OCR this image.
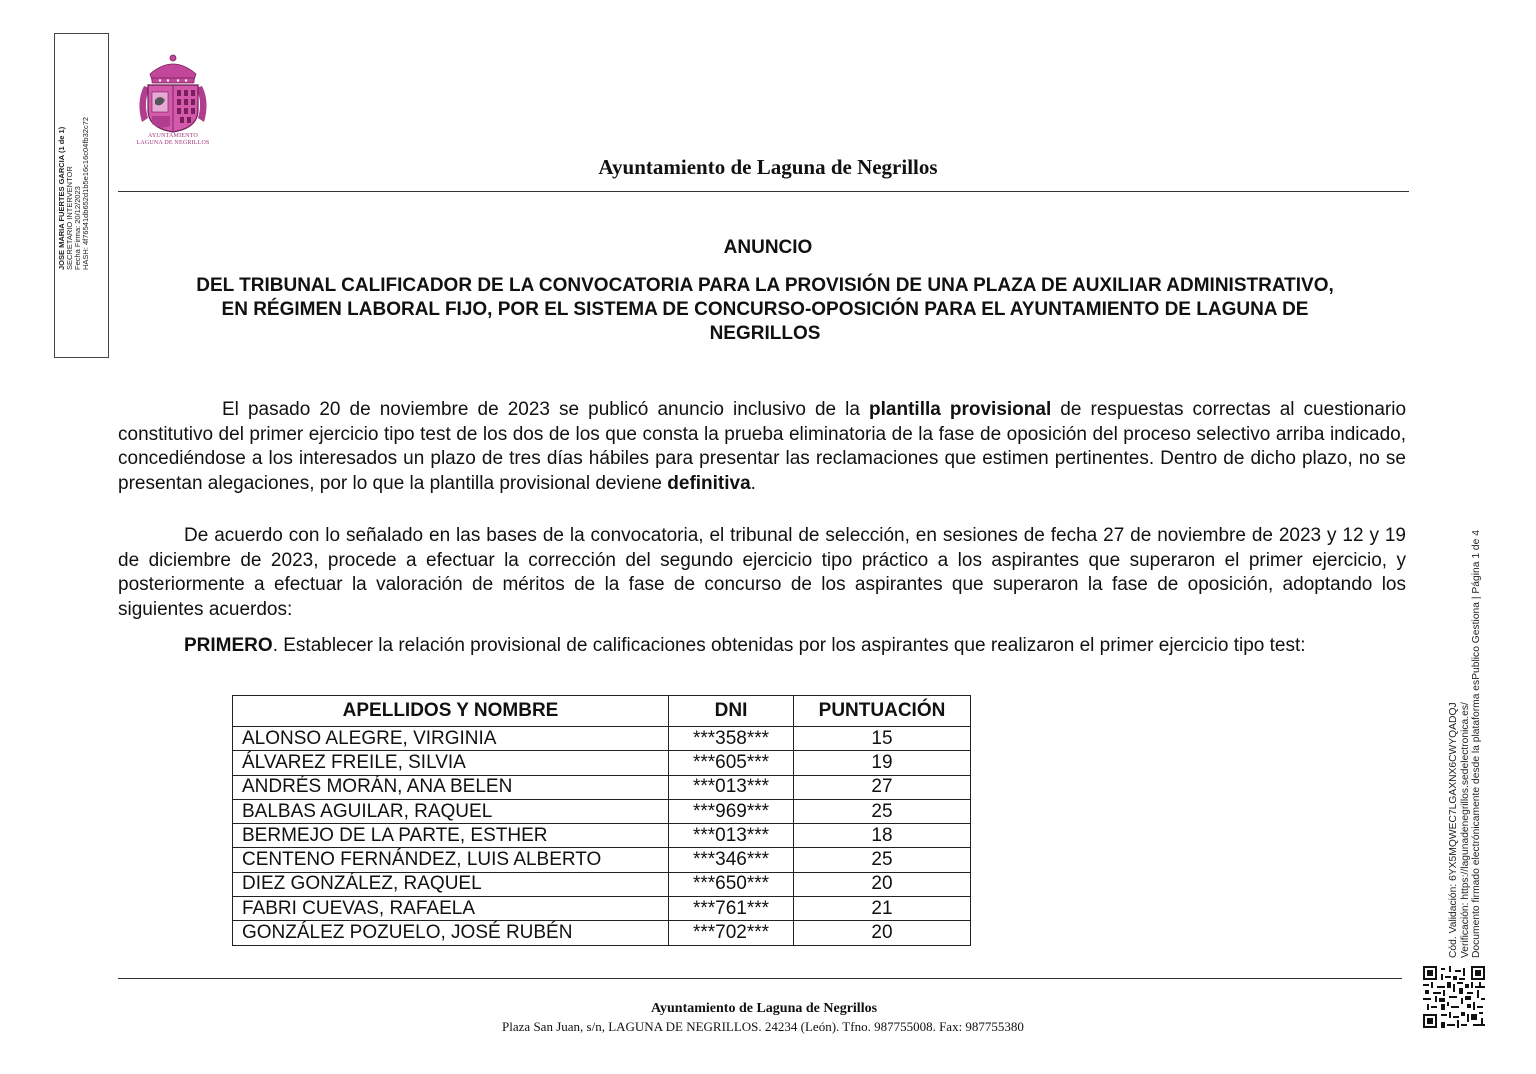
JOSE MARIA FUERTES GARCIA (1 de 1) SECRETARIO INTERVENTOR Fecha Firma: 20/12/2023 HASH: 4f76541db652d1b5e16c16c04fb32c72	AYUNTAMIENTO
LAGUNA DE NEGRILLOS
Ayuntamiento de Laguna de Negrillos
ANUNCIO
DEL TRIBUNAL CALIFICADOR DE LA CONVOCATORIA PARA LA PROVISIÓN DE UNA PLAZA DE AUXILIAR ADMINISTRATIVO, EN RÉGIMEN LABORAL FIJO, POR EL SISTEMA DE CONCURSO-OPOSICIÓN PARA EL AYUNTAMIENTO DE LAGUNA DE NEGRILLOS
El pasado 20 de noviembre de 2023 se publicó anuncio inclusivo de la plantilla provisional de respuestas correctas al cuestionario constitutivo del primer ejercicio tipo test de los dos de los que consta la prueba eliminatoria de la fase de oposición del proceso selectivo arriba indicado, concediéndose a los interesados un plazo de tres días hábiles para presentar las reclamaciones que estimen pertinentes. Dentro de dicho plazo, no se presentan alegaciones, por lo que la plantilla provisional deviene definitiva.
De acuerdo con lo señalado en las bases de la convocatoria, el tribunal de selección, en sesiones de fecha 27 de noviembre de 2023 y 12 y 19 de diciembre de 2023, procede a efectuar la corrección del segundo ejercicio tipo práctico a los aspirantes que superaron el primer ejercicio, y posteriormente a efectuar la valoración de méritos de la fase de concurso de los aspirantes que superaron la fase de oposición, adoptando los siguientes acuerdos:
PRIMERO. Establecer la relación provisional de calificaciones obtenidas por los aspirantes que realizaron el primer ejercicio tipo test:
APELLIDOS Y NOMBRE	DNI	PUNTUACIÓN
ALONSO ALEGRE, VIRGINIA	***358***	15
ÁLVAREZ FREILE, SILVIA	***605***	19
ANDRÉS MORÁN, ANA BELEN	***013***	27
BALBAS AGUILAR, RAQUEL	***969***	25
BERMEJO DE LA PARTE, ESTHER	***013***	18
CENTENO FERNÁNDEZ, LUIS ALBERTO	***346***	25
DIEZ GONZÁLEZ, RAQUEL	***650***	20
FABRI CUEVAS, RAFAELA	***761***	21
GONZÁLEZ POZUELO, JOSÉ RUBÉN	***702***	20
Ayuntamiento de Laguna de Negrillos
Plaza San Juan, s/n, LAGUNA DE NEGRILLOS. 24234 (León). Tfno. 987755008. Fax: 987755380
Cód. Validación: 6YX5MQWEC7LGAXNX6CWYQADQJ Verificación: https://lagunadenegrillos.sedelectronica.es/ Documento firmado electrónicamente desde la plataforma esPublico Gestiona | Página 1 de 4
